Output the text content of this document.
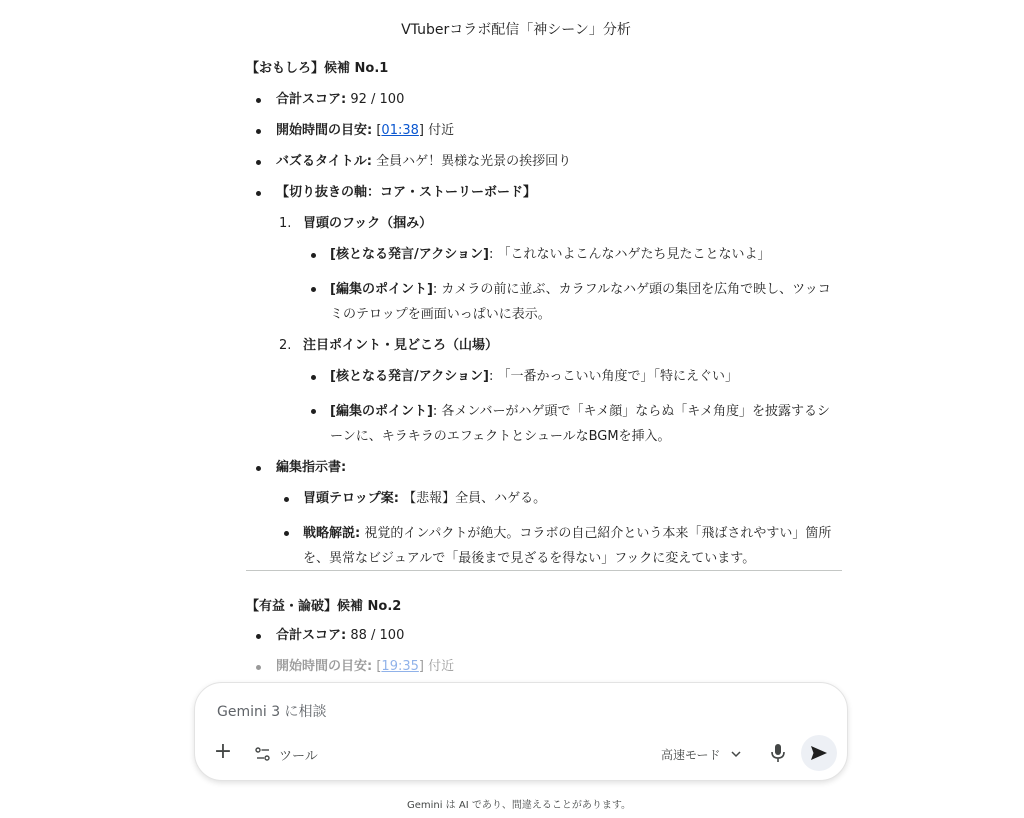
VTuberコラボ配信「神シーン」分析
【おもしろ】候補 No.1
合計スコア: 92 / 100
開始時間の目安: [01:38] 付近
バズるタイトル: 全員ハゲ！異様な光景の挨拶回り
【切り抜きの軸：コア・ストーリーボード】
1. 冒頭のフック（掴み）
[核となる発言/アクション]: 「これないよこんなハゲたち見たことないよ」
[編集のポイント]: カメラの前に並ぶ、カラフルなハゲ頭の集団を広角で映し、ツッコミのテロップを画面いっぱいに表示。
2. 注目ポイント・見どころ（山場）
[核となる発言/アクション]: 「一番かっこいい角度で」「特にえぐい」
[編集のポイント]: 各メンバーがハゲ頭で「キメ顔」ならぬ「キメ角度」を披露するシーンに、キラキラのエフェクトとシュールなBGMを挿入。
編集指示書:
冒頭テロップ案: 【悲報】全員、ハゲる。
戦略解説: 視覚的インパクトが絶大。コラボの自己紹介という本来「飛ばされやすい」箇所を、異常なビジュアルで「最後まで見ざるを得ない」フックに変えています。
【有益・論破】候補 No.2
合計スコア: 88 / 100
開始時間の目安: [19:35] 付近
Gemini 3 に相談
+	ツール	高速モード
Gemini は AI であり、間違えることがあります。
